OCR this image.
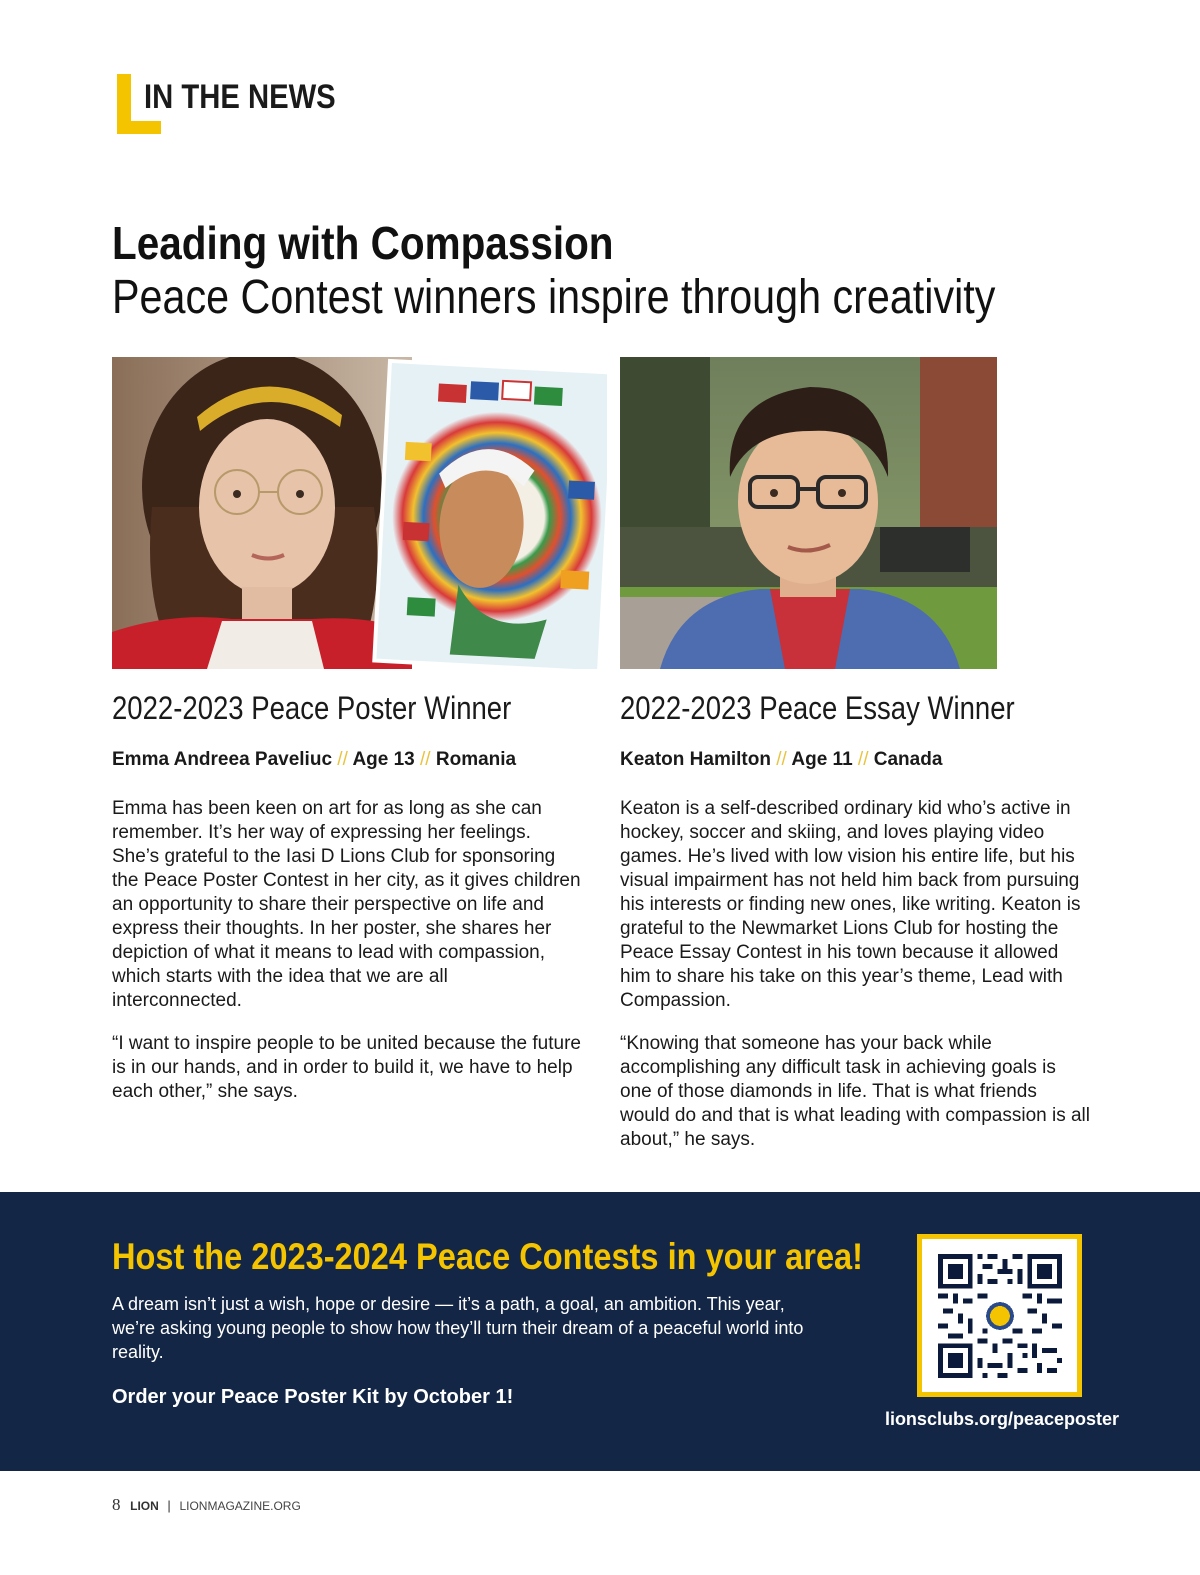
IN THE NEWS
Leading with Compassion
Peace Contest winners inspire through creativity
2022-2023 Peace Poster Winner
Emma Andreea Paveliuc // Age 13 // Romania

Emma has been keen on art for as long as she can remember. It’s her way of expressing her feelings. She’s grateful to the Iasi D Lions Club for sponsoring the Peace Poster Contest in her city, as it gives children an opportunity to share their perspective on life and express their thoughts. In her poster, she shares her depiction of what it means to lead with compassion, which starts with the idea that we are all interconnected.

“I want to inspire people to be united because the future is in our hands, and in order to build it, we have to help each other,” she says.

2022-2023 Peace Essay Winner
Keaton Hamilton // Age 11 // Canada

Keaton is a self-described ordinary kid who’s active in hockey, soccer and skiing, and loves playing video games. He’s lived with low vision his entire life, but his visual impairment has not held him back from pursuing his interests or finding new ones, like writing. Keaton is grateful to the Newmarket Lions Club for hosting the Peace Essay Contest in his town because it allowed him to share his take on this year’s theme, Lead with Compassion.

“Knowing that someone has your back while accomplishing any difficult task in achieving goals is one of those diamonds in life. That is what friends would do and that is what leading with compassion is all about,” he says.

Host the 2023-2024 Peace Contests in your area!

A dream isn’t just a wish, hope or desire — it’s a path, a goal, an ambition. This year, we’re asking young people to show how they’ll turn their dream of a peaceful world into reality.

Order your Peace Poster Kit by October 1!
lionsclubs.org/peaceposter
8 LION | LIONMAGAZINE.ORG
